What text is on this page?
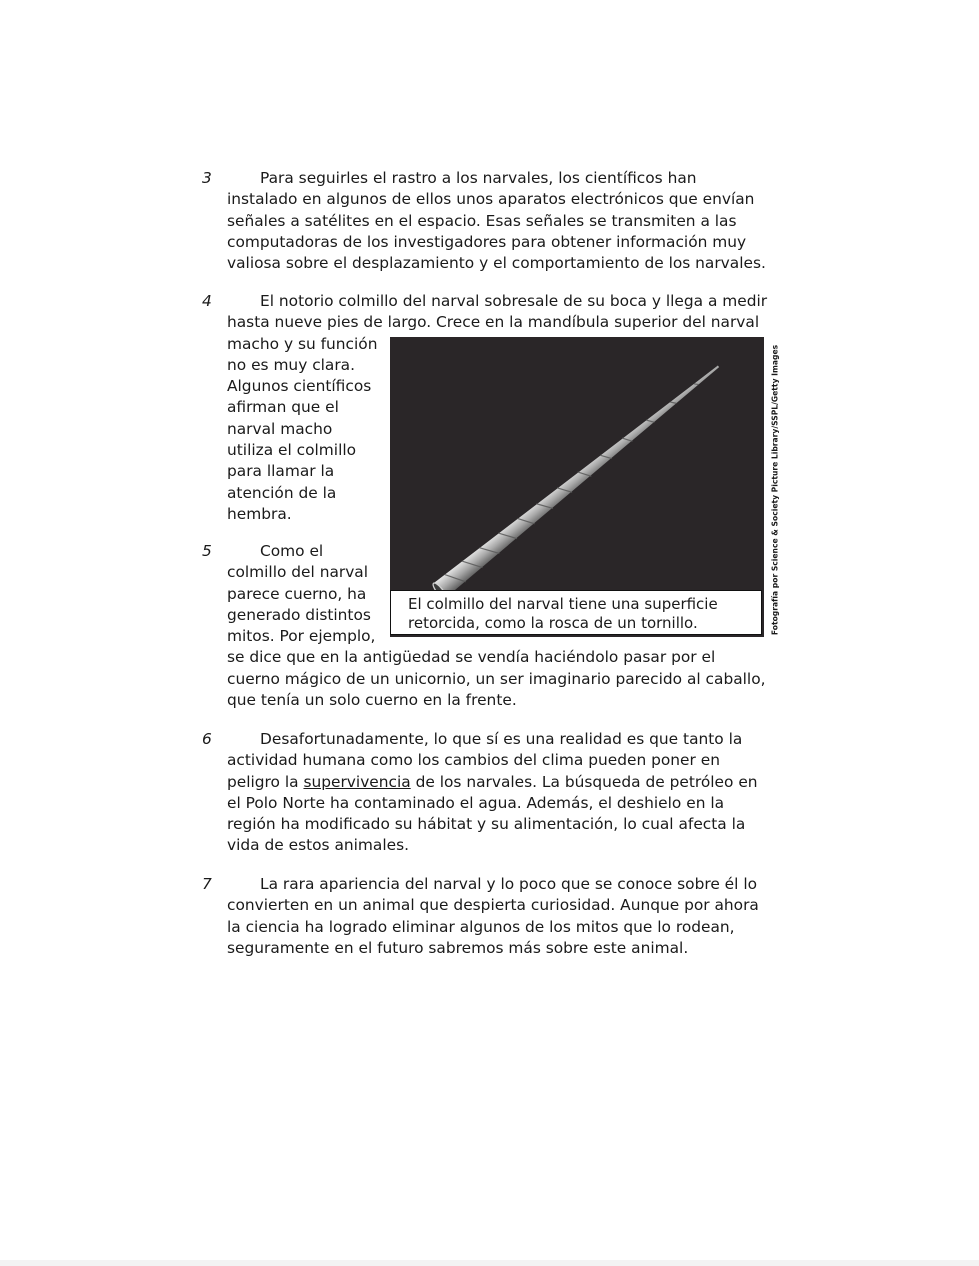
3	Para seguirles el rastro a los narvales, los científicos han
instalado en algunos de ellos unos aparatos electrónicos que envían
señales a satélites en el espacio. Esas señales se transmiten a las
computadoras de los investigadores para obtener información muy
valiosa sobre el desplazamiento y el comportamiento de los narvales.
4	El notorio colmillo del narval sobresale de su boca y llega a medir
hasta nueve pies de largo. Crece en la mandíbula superior del narval
macho y su función
no es muy clara.
Algunos científicos
afirman que el
narval macho
utiliza el colmillo
para llamar la
atención de la
hembra.
5	Como el
colmillo del narval
parece cuerno, ha
generado distintos
mitos. Por ejemplo,
se dice que en la antigüedad se vendía haciéndolo pasar por el
cuerno mágico de un unicornio, un ser imaginario parecido al caballo,
que tenía un solo cuerno en la frente.
El colmillo del narval tiene una superficie
retorcida, como la rosca de un tornillo.	Fotografía por Science & Society Picture Library/SSPL/Getty Images
6	Desafortunadamente, lo que sí es una realidad es que tanto la
actividad humana como los cambios del clima pueden poner en
peligro la supervivencia de los narvales. La búsqueda de petróleo en
el Polo Norte ha contaminado el agua. Además, el deshielo en la
región ha modificado su hábitat y su alimentación, lo cual afecta la
vida de estos animales.
7	La rara apariencia del narval y lo poco que se conoce sobre él lo
convierten en un animal que despierta curiosidad. Aunque por ahora
la ciencia ha logrado eliminar algunos de los mitos que lo rodean,
seguramente en el futuro sabremos más sobre este animal.
